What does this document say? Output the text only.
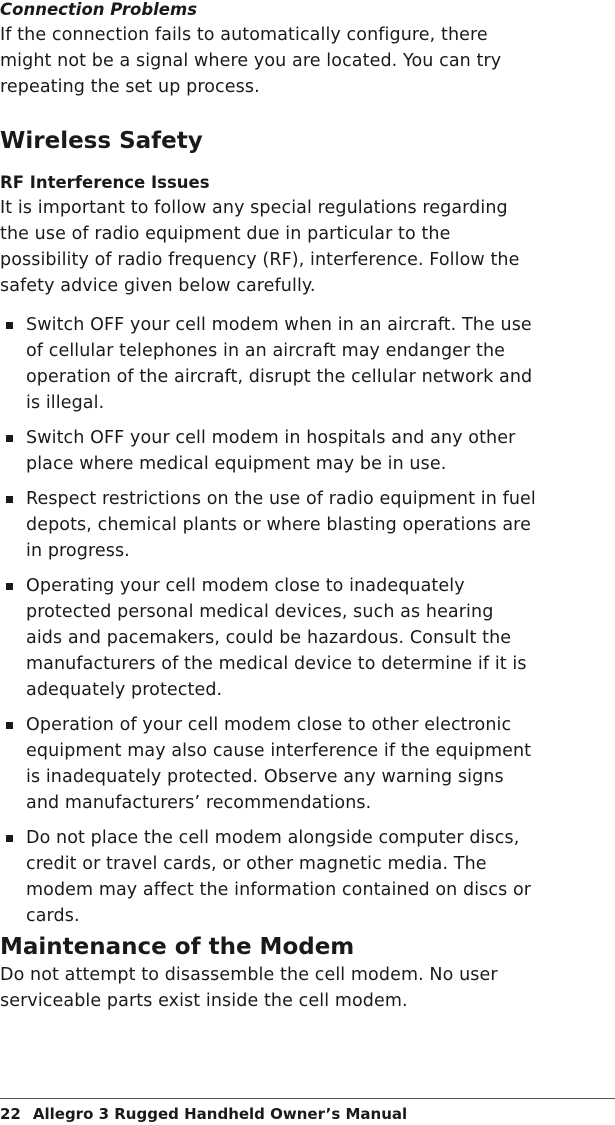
Connection Problems

If the connection fails to automatically configure, there
might not be a signal where you are located. You can try
repeating the set up process.

Wireless Safety
RF Interference Issues

It is important to follow any special regulations regarding
the use of radio equipment due in particular to the
possibility of radio frequency (RF), interference. Follow the
safety advice given below carefully.

Switch OFF your cell modem when in an aircraft. The use
of cellular telephones in an aircraft may endanger the
operation of the aircraft, disrupt the cellular network and
is illegal.
Switch OFF your cell modem in hospitals and any other
place where medical equipment may be in use.
Respect restrictions on the use of radio equipment in fuel
depots, chemical plants or where blasting operations are
in progress.
Operating your cell modem close to inadequately
protected personal medical devices, such as hearing
aids and pacemakers, could be hazardous. Consult the
manufacturers of the medical device to determine if it is
adequately protected.
Operation of your cell modem close to other electronic
equipment may also cause interference if the equipment
is inadequately protected. Observe any warning signs
and manufacturers’ recommendations.
Do not place the cell modem alongside computer discs,
credit or travel cards, or other magnetic media. The
modem may affect the information contained on discs or
cards.
Maintenance of the Modem

Do not attempt to disassemble the cell modem. No user
serviceable parts exist inside the cell modem.

22 Allegro 3 Rugged Handheld Owner’s Manual
